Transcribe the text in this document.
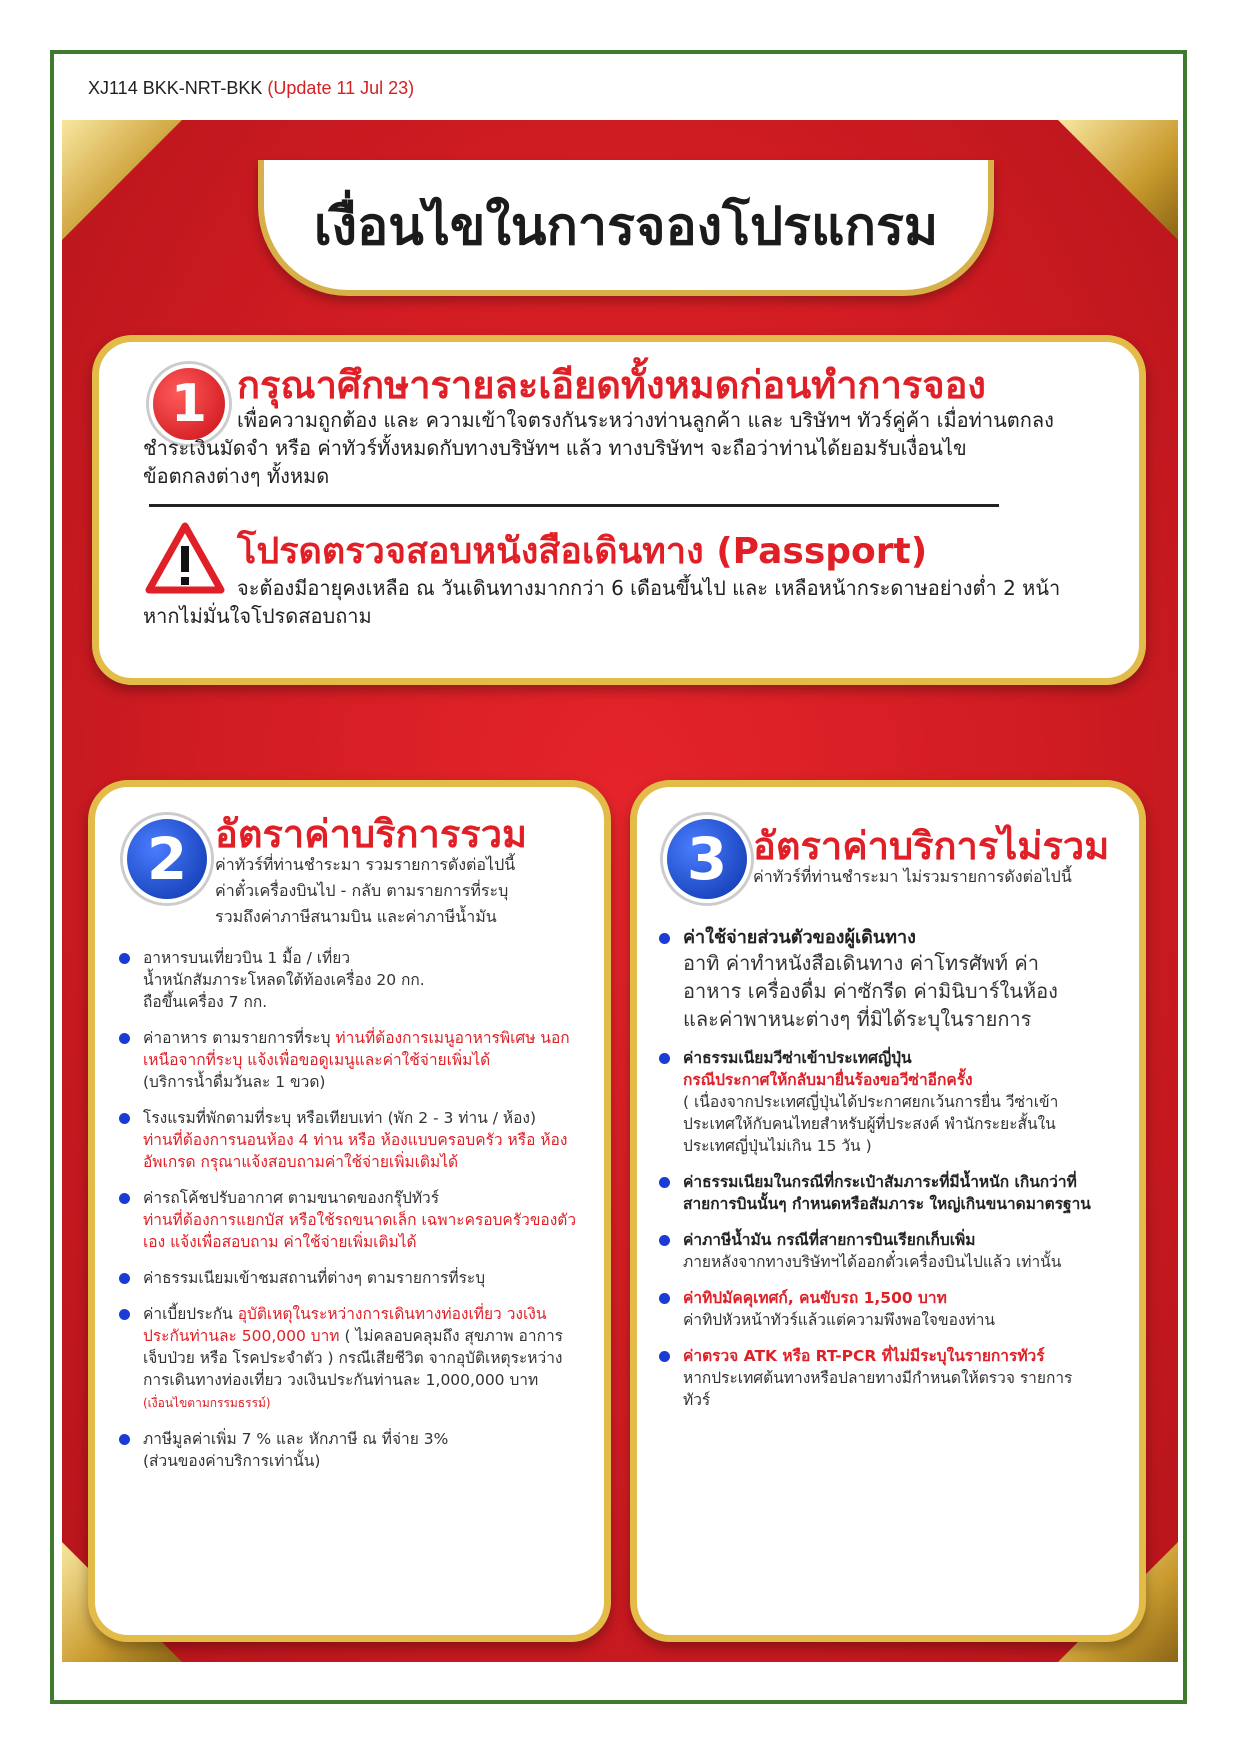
XJ114 BKK-NRT-BKK (Update 11 Jul 23)
เงื่อนไขในการจองโปรแกรม
1 กรุณาศึกษารายละเอียดทั้งหมดก่อนทำการจอง
เพื่อความถูกต้อง และ ความเข้าใจตรงกันระหว่างท่านลูกค้า และ บริษัทฯ ทัวร์คู่ค้า เมื่อท่านตกลง
ชำระเงินมัดจำ หรือ ค่าทัวร์ทั้งหมดกับทางบริษัทฯ แล้ว ทางบริษัทฯ จะถือว่าท่านได้ยอมรับเงื่อนไข
ข้อตกลงต่างๆ ทั้งหมด
โปรดตรวจสอบหนังสือเดินทาง (Passport)
จะต้องมีอายุคงเหลือ ณ วันเดินทางมากกว่า 6 เดือนขึ้นไป และ เหลือหน้ากระดาษอย่างต่ำ 2 หน้า
หากไม่มั่นใจโปรดสอบถาม
2 อัตราค่าบริการรวม
ค่าทัวร์ที่ท่านชำระมา รวมรายการดังต่อไปนี้
ค่าตั๋วเครื่องบินไป - กลับ ตามรายการที่ระบุ
รวมถึงค่าภาษีสนามบิน และค่าภาษีน้ำมัน
อาหารบนเที่ยวบิน 1 มื้อ / เที่ยว
น้ำหนักสัมภาระโหลดใต้ท้องเครื่อง 20 กก.
ถือขึ้นเครื่อง 7 กก.
ค่าอาหาร ตามรายการที่ระบุ ท่านที่ต้องการเมนูอาหารพิเศษ นอกเหนือจากที่ระบุ แจ้งเพื่อขอดูเมนูและค่าใช้จ่ายเพิ่มได้
(บริการน้ำดื่มวันละ 1 ขวด)
โรงแรมที่พักตามที่ระบุ หรือเทียบเท่า (พัก 2 - 3 ท่าน / ห้อง)
ท่านที่ต้องการนอนห้อง 4 ท่าน หรือ ห้องแบบครอบครัว หรือ ห้องอัพเกรด กรุณาแจ้งสอบถามค่าใช้จ่ายเพิ่มเติมได้
ค่ารถโค้ชปรับอากาศ ตามขนาดของกรุ๊ปทัวร์
ท่านที่ต้องการแยกบัส หรือใช้รถขนาดเล็ก เฉพาะครอบครัวของตัวเอง แจ้งเพื่อสอบถาม ค่าใช้จ่ายเพิ่มเติมได้
ค่าธรรมเนียมเข้าชมสถานที่ต่างๆ ตามรายการที่ระบุ
ค่าเบี้ยประกัน อุบัติเหตุในระหว่างการเดินทางท่องเที่ยว วงเงินประกันท่านละ 500,000 บาท ( ไม่คลอบคลุมถึง สุขภาพ อาการเจ็บป่วย หรือ โรคประจำตัว ) กรณีเสียชีวิต จากอุบัติเหตุระหว่างการเดินทางท่องเที่ยว วงเงินประกันท่านละ 1,000,000 บาท (เงื่อนไขตามกรรมธรรม์)
ภาษีมูลค่าเพิ่ม 7 % และ หักภาษี ณ ที่จ่าย 3%
(ส่วนของค่าบริการเท่านั้น)
3 อัตราค่าบริการไม่รวม
ค่าทัวร์ที่ท่านชำระมา ไม่รวมรายการดังต่อไปนี้
ค่าใช้จ่ายส่วนตัวของผู้เดินทาง
อาทิ ค่าทำหนังสือเดินทาง ค่าโทรศัพท์ ค่าอาหาร เครื่องดื่ม ค่าซักรีด ค่ามินิบาร์ในห้อง และค่าพาหนะต่างๆ ที่มิได้ระบุในรายการ
ค่าธรรมเนียมวีซ่าเข้าประเทศญี่ปุ่น
กรณีประกาศให้กลับมายื่นร้องขอวีซ่าอีกครั้ง
( เนื่องจากประเทศญี่ปุ่นได้ประกาศยกเว้นการยื่น วีซ่าเข้าประเทศให้กับคนไทยสำหรับผู้ที่ประสงค์ พำนักระยะสั้นในประเทศญี่ปุ่นไม่เกิน 15 วัน )
ค่าธรรมเนียมในกรณีที่กระเป๋าสัมภาระที่มีน้ำหนัก เกินกว่าที่สายการบินนั้นๆ กำหนดหรือสัมภาระ ใหญ่เกินขนาดมาตรฐาน
ค่าภาษีน้ำมัน กรณีที่สายการบินเรียกเก็บเพิ่ม
ภายหลังจากทางบริษัทฯได้ออกตั๋วเครื่องบินไปแล้ว เท่านั้น
ค่าทิปมัคคุเทศก์, คนขับรถ 1,500 บาท
ค่าทิปหัวหน้าทัวร์แล้วแต่ความพึงพอใจของท่าน
ค่าตรวจ ATK หรือ RT-PCR ที่ไม่มีระบุในรายการทัวร์
หากประเทศต้นทางหรือปลายทางมีกำหนดให้ตรวจ รายการทัวร์
